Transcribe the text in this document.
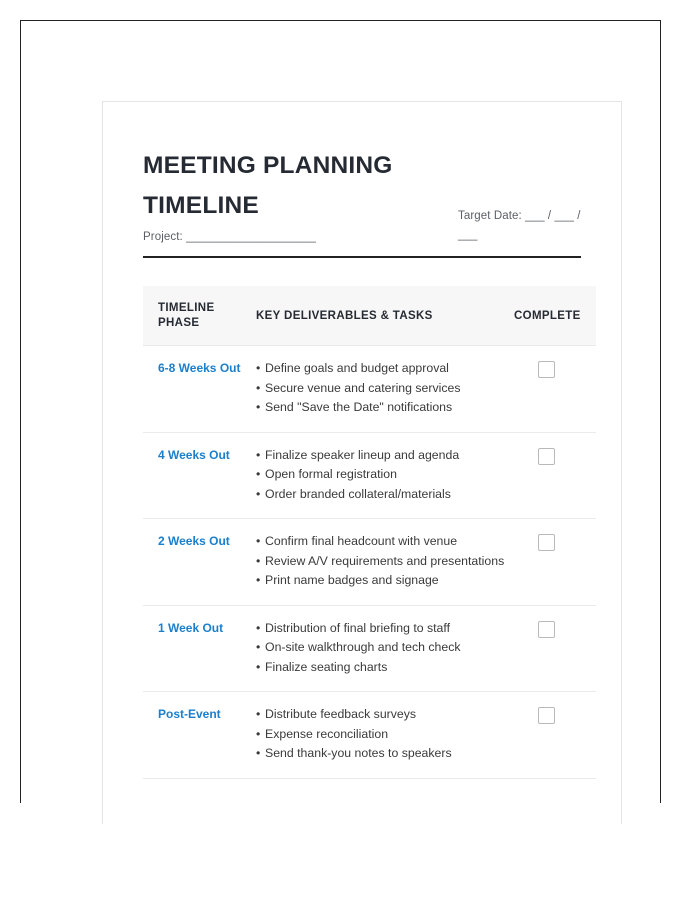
MEETING PLANNING TIMELINE
Project: ____________________
Target Date: ___ / ___ / ___
TIMELINE PHASE	KEY DELIVERABLES & TASKS	COMPLETE
6-8 Weeks Out	• Define goals and budget approval
• Secure venue and catering services
• Send "Save the Date" notifications

4 Weeks Out	• Finalize speaker lineup and agenda
• Open formal registration
• Order branded collateral/materials

2 Weeks Out	• Confirm final headcount with venue
• Review A/V requirements and presentations
• Print name badges and signage

1 Week Out	• Distribution of final briefing to staff
• On-site walkthrough and tech check
• Finalize seating charts

Post-Event	• Distribute feedback surveys
• Expense reconciliation
• Send thank-you notes to speakers
